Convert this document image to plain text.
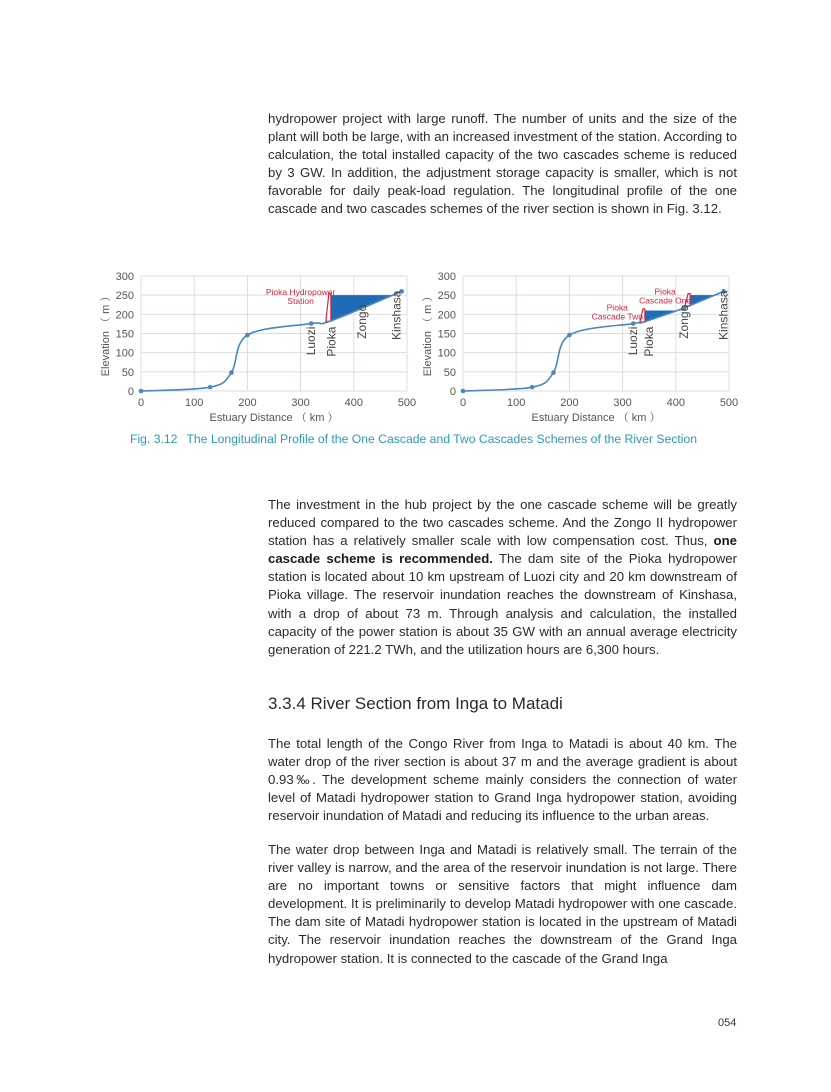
hydropower project with large runoff. The number of units and the size of the plant will both be large, with an increased investment of the station. According to calculation, the total installed capacity of the two cascades scheme is reduced by 3 GW. In addition, the adjustment storage capacity is smaller, which is not favorable for daily peak-load regulation. The longitudinal profile of the one cascade and two cascades schemes of the river section is shown in Fig. 3.12.

0
50
100
150
200
250
300
0	100	200	300	400	500
Estuary Distance （ km ）
Elevation （ m ）	Luozi Pioka
Zongo Kinshasa
Pioka Hydropower
Station
0
50
100
150
200
250
300
0	100	200	300	400	500
Estuary Distance （ km ）
Elevation （ m ）	Luozi Pioka
Zongo Kinshasa
Pioka
Cascade Two
Pioka
Cascade One

Fig. 3.12 The Longitudinal Profile of the One Cascade and Two Cascades Schemes of the River Section

The investment in the hub project by the one cascade scheme will be greatly reduced compared to the two cascades scheme. And the Zongo II hydropower station has a relatively smaller scale with low compensation cost. Thus, one cascade scheme is recommended. The dam site of the Pioka hydropower station is located about 10 km upstream of Luozi city and 20 km downstream of Pioka village. The reservoir inundation reaches the downstream of Kinshasa, with a drop of about 73 m. Through analysis and calculation, the installed capacity of the power station is about 35 GW with an annual average electricity generation of 221.2 TWh, and the utilization hours are 6,300 hours.

3.3.4 River Section from Inga to Matadi

The total length of the Congo River from Inga to Matadi is about 40 km. The water drop of the river section is about 37 m and the average gradient is about 0.93‰. The development scheme mainly considers the connection of water level of Matadi hydropower station to Grand Inga hydropower station, avoiding reservoir inundation of Matadi and reducing its influence to the urban areas.

The water drop between Inga and Matadi is relatively small. The terrain of the river valley is narrow, and the area of the reservoir inundation is not large. There are no important towns or sensitive factors that might influence dam development. It is preliminarily to develop Matadi hydropower with one cascade. The dam site of Matadi hydropower station is located in the upstream of Matadi city. The reservoir inundation reaches the downstream of the Grand Inga hydropower station. It is connected to the cascade of the Grand Inga

054
